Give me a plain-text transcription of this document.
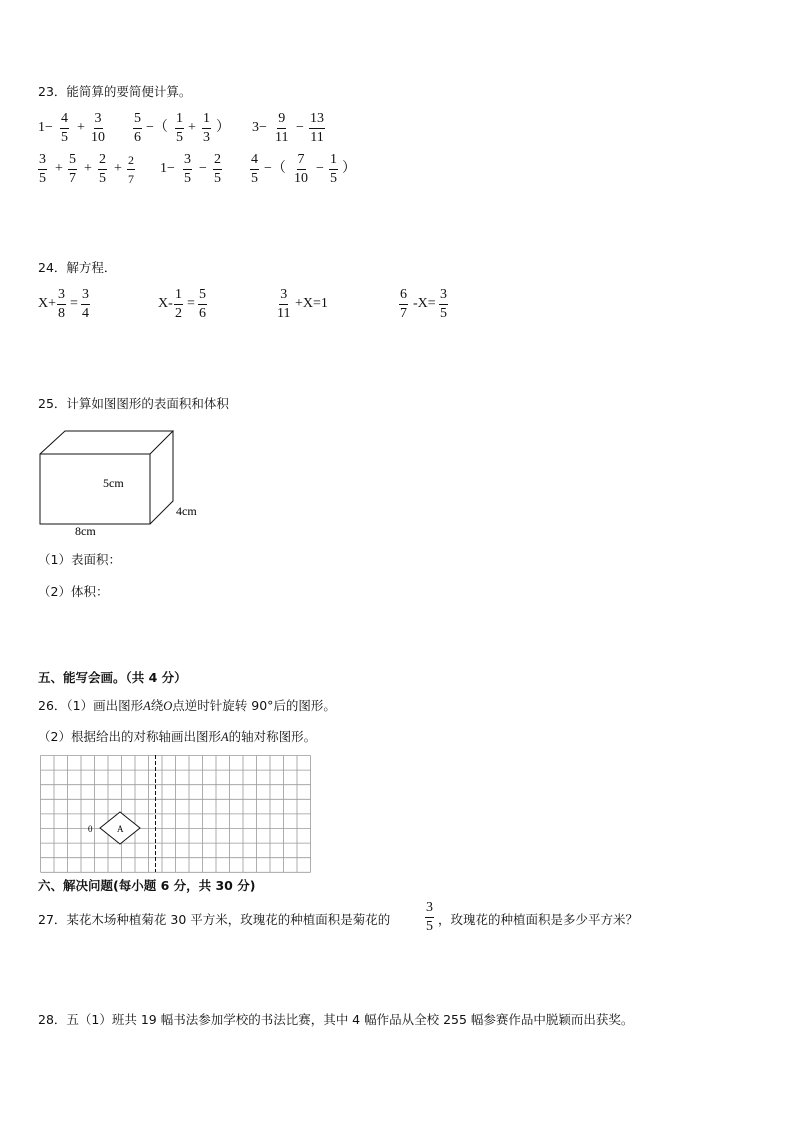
23．能简算的要简便计算。
$1- \frac{4}{5} + \frac{3}{10} \frac{5}{6}$ −（ $\frac{1}{5} + \frac{1}{3}$ ） $3- \frac{9}{11} - \frac{13}{11}$
$\frac{3}{5} + \frac{5}{7} + \frac{2}{5} + \frac{2}{7} 1- \frac{3}{5} - \frac{2}{5} \frac{4}{5}$ −（ $\frac{7}{10} - \frac{1}{5}$ ）
24．解方程．
$X+ \frac{3}{8} = \frac{3}{4}$	$X- \frac{1}{2} = \frac{5}{6}$	$\frac{3}{11} +X=1$	$\frac{6}{7} -X= \frac{3}{5}$
25．计算如图图形的表面积和体积
5cm
4cm
8cm
（1）表面积：
（2）体积：
五、能写会画。（共 4 分）
26．（1）画出图形A绕O点逆时针旋转 90°后的图形。
（2）根据给出的对称轴画出图形A的轴对称图形。
A
0
六、解决问题(每小题 6 分，共 30 分)
27．某花木场种植菊花 30 平方米，玫瑰花的种植面积是菊花的 $\frac{3}{5}$ ，玫瑰花的种植面积是多少平方米？
28．五（1）班共 19 幅书法参加学校的书法比赛，其中 4 幅作品从全校 255 幅参赛作品中脱颖而出获奖。
